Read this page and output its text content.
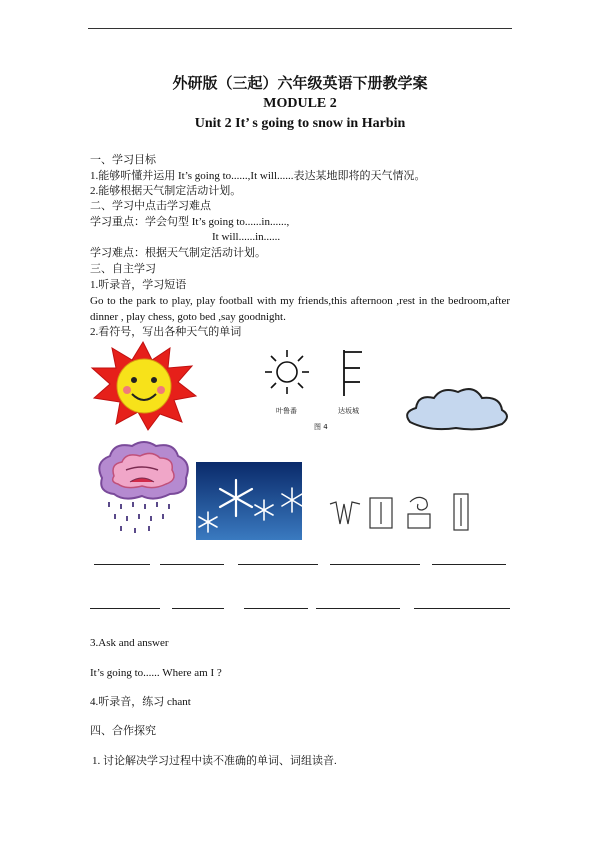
外研版（三起）六年级英语下册教学案
MODULE 2
Unit 2 It’ s going to snow in Harbin
一、学习目标
1.能够听懂并运用 It’s going to......,It will......表达某地即将的天气情况。
2.能够根据天气制定活动计划。
二、学习中点击学习难点
学习重点：学会句型 It’s going to......in......,
It will......in......
学习难点：根据天气制定活动计划。
三、自主学习
1.听录音，学习短语
Go to the park to play, play football with my friends,this afternoon ,rest in the bedroom,after dinner , play chess, goto bed ,say goodnight.
2.看符号，写出各种天气的单词
叶鲁番	达坂城
图 4
3.Ask and answer
It’s going to...... Where am I ?
4.听录音，练习 chant
四、合作探究
1. 讨论解决学习过程中读不准确的单词、词组读音.
